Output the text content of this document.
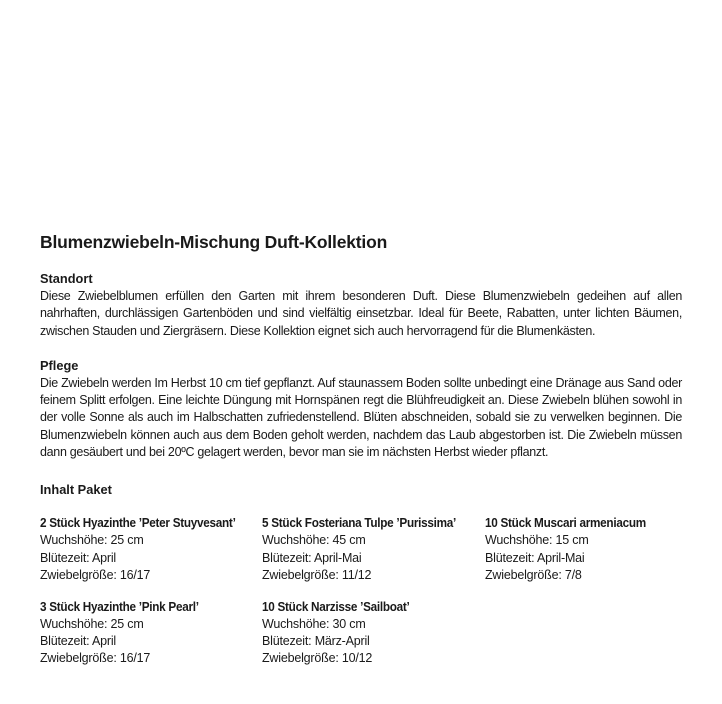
Blumenzwiebeln-Mischung Duft-Kollektion
Standort

Diese Zwiebelblumen erfüllen den Garten mit ihrem besonderen Duft. Diese Blumenzwiebeln gedeihen auf allen nahrhaften, durchlässigen Gartenböden und sind vielfältig einsetzbar. Ideal für Beete, Rabatten, unter lichten Bäumen, zwischen Stauden und Ziergräsern. Diese Kollektion eignet sich auch hervorragend für die Blumenkästen.

Pflege

Die Zwiebeln werden Im Herbst 10 cm tief gepflanzt. Auf staunassem Boden sollte unbedingt eine Dränage aus Sand oder feinem Splitt erfolgen. Eine leichte Düngung mit Hornspänen regt die Blühfreudigkeit an. Diese Zwiebeln blühen sowohl in der volle Sonne als auch im Halbschatten zufriedenstellend. Blüten abschneiden, sobald sie zu verwelken beginnen. Die Blumenzwiebeln können auch aus dem Boden geholt werden, nachdem das Laub abgestorben ist. Die Zwiebeln müssen dann gesäubert und bei 20ºC gelagert werden, bevor man sie im nächsten Herbst wieder pflanzt.

Inhalt Paket
2 Stück Hyazinthe ’Peter Stuyvesant’

Wuchshöhe: 25 cm

Blütezeit: April

Zwiebelgröße: 16/17

5 Stück Fosteriana Tulpe ’Purissima’

Wuchshöhe: 45 cm

Blütezeit: April-Mai

Zwiebelgröße: 11/12

10 Stück Muscari armeniacum

Wuchshöhe: 15 cm

Blütezeit: April-Mai

Zwiebelgröße: 7/8

3 Stück Hyazinthe ’Pink Pearl’

Wuchshöhe: 25 cm

Blütezeit: April

Zwiebelgröße: 16/17

10 Stück Narzisse ’Sailboat’

Wuchshöhe: 30 cm

Blütezeit: März-April

Zwiebelgröße: 10/12
